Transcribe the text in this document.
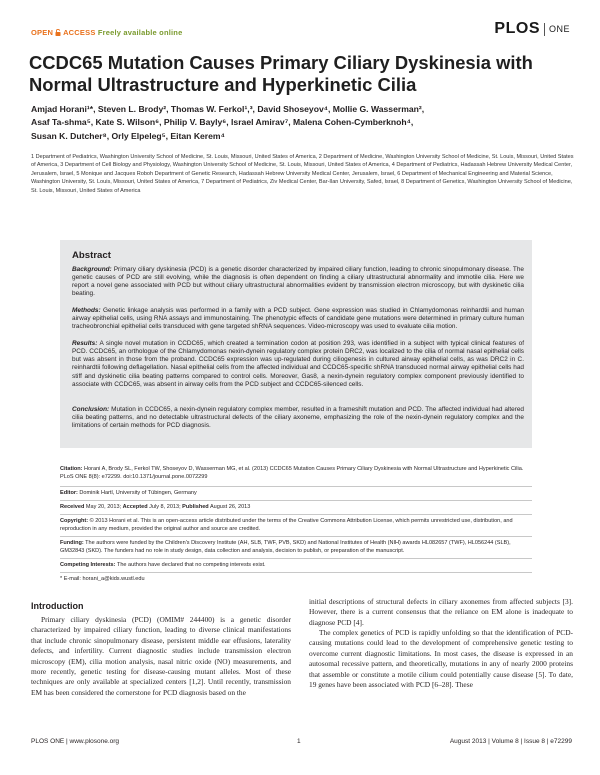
OPEN ACCESS Freely available online	PLOS ONE
CCDC65 Mutation Causes Primary Ciliary Dyskinesia with Normal Ultrastructure and Hyperkinetic Cilia
Amjad Horani¹*, Steven L. Brody², Thomas W. Ferkol¹,³, David Shoseyov⁴, Mollie G. Wasserman²,
Asaf Ta-shma⁵, Kate S. Wilson⁶, Philip V. Bayly⁶, Israel Amirav⁷, Malena Cohen-Cymberknoh⁴,
Susan K. Dutcher⁸, Orly Elpeleg⁵, Eitan Kerem⁴
1 Department of Pediatrics, Washington University School of Medicine, St. Louis, Missouri, United States of America, 2 Department of Medicine, Washington University School of Medicine, St. Louis, Missouri, United States of America, 3 Department of Cell Biology and Physiology, Washington University School of Medicine, St. Louis, Missouri, United States of America, 4 Department of Pediatrics, Hadassah Hebrew University Medical Center, Jerusalem, Israel, 5 Monique and Jacques Roboh Department of Genetic Research, Hadassah Hebrew University Medical Center, Jerusalem, Israel, 6 Department of Mechanical Engineering and Material Science, Washington University, St. Louis, Missouri, United States of America, 7 Department of Pediatrics, Ziv Medical Center, Bar-Ilan University, Safed, Israel, 8 Department of Genetics, Washington University School of Medicine, St. Louis, Missouri, United States of America
Abstract

Background: Primary ciliary dyskinesia (PCD) is a genetic disorder characterized by impaired ciliary function, leading to chronic sinopulmonary disease. The genetic causes of PCD are still evolving, while the diagnosis is often dependent on finding a ciliary ultrastructural abnormality and immotile cilia. Here we report a novel gene associated with PCD but without ciliary ultrastructural abnormalities evident by transmission electron microscopy, but with dyskinetic cilia beating.

Methods: Genetic linkage analysis was performed in a family with a PCD subject. Gene expression was studied in Chlamydomonas reinhardtii and human airway epithelial cells, using RNA assays and immunostaining. The phenotypic effects of candidate gene mutations were determined in primary culture human tracheobronchial epithelial cells transduced with gene targeted shRNA sequences. Video-microscopy was used to evaluate cilia motion.

Results: A single novel mutation in CCDC65, which created a termination codon at position 293, was identified in a subject with typical clinical features of PCD. CCDC65, an orthologue of the Chlamydomonas nexin-dynein regulatory complex protein DRC2, was localized to the cilia of normal nasal epithelial cells but was absent in those from the proband. CCDC65 expression was up-regulated during ciliogenesis in cultured airway epithelial cells, as was DRC2 in C. reinhardtii following deflagellation. Nasal epithelial cells from the affected individual and CCDC65-specific shRNA transduced normal airway epithelial cells had stiff and dyskinetic cilia beating patterns compared to control cells. Moreover, Gas8, a nexin-dynein regulatory complex component previously identified to associate with CCDC65, was absent in airway cells from the PCD subject and CCDC65-silenced cells.

Conclusion: Mutation in CCDC65, a nexin-dynein regulatory complex member, resulted in a frameshift mutation and PCD. The affected individual had altered cilia beating patterns, and no detectable ultrastructural defects of the ciliary axoneme, emphasizing the role of the nexin-dynein regulatory complex and the limitations of certain methods for PCD diagnosis.

Citation: Horani A, Brody SL, Ferkol TW, Shoseyov D, Wasserman MG, et al. (2013) CCDC65 Mutation Causes Primary Ciliary Dyskinesia with Normal Ultrastructure and Hyperkinetic Cilia. PLoS ONE 8(8): e72299. doi:10.1371/journal.pone.0072299

Editor: Dominik Hartl, University of Tübingen, Germany

Received May 20, 2013; Accepted July 8, 2013; Published August 26, 2013

Copyright: © 2013 Horani et al. This is an open-access article distributed under the terms of the Creative Commons Attribution License, which permits unrestricted use, distribution, and reproduction in any medium, provided the original author and source are credited.

Funding: The authors were funded by the Children's Discovery Institute (AH, SLB, TWF, PVB, SKD) and National Institutes of Health (NIH) awards HL082657 (TWF), HL056244 (SLB), GM32843 (SKD). The funders had no role in study design, data collection and analysis, decision to publish, or preparation of the manuscript.

Competing Interests: The authors have declared that no competing interests exist.

* E-mail: horani_a@kids.wustl.edu

Introduction

Primary ciliary dyskinesia (PCD) (OMIM# 244400) is a genetic disorder characterized by impaired ciliary function, leading to diverse clinical manifestations that include chronic sinopulmonary disease, persistent middle ear effusions, laterality defects, and infertility. Current diagnostic studies include transmission electron microscopy (EM), cilia motion analysis, nasal nitric oxide (NO) measurements, and more recently, genetic testing for disease-causing mutant alleles. Most of these techniques are only available at specialized centers [1,2]. Until recently, transmission EM has been considered the cornerstone for PCD diagnosis based on the

initial descriptions of structural defects in ciliary axonemes from affected subjects [3]. However, there is a current consensus that the reliance on EM alone is inadequate to diagnose PCD [4].

The complex genetics of PCD is rapidly unfolding so that the identification of PCD-causing mutations could lead to the development of comprehensive genetic testing to overcome current diagnostic limitations. In most cases, the disease is expressed in an autosomal recessive pattern, and theoretically, mutations in any of nearly 2000 proteins that assemble or constitute a motile cilium could potentially cause disease [5]. To date, 19 genes have been associated with PCD [6–28]. These

PLOS ONE | www.plosone.org	1	August 2013 | Volume 8 | Issue 8 | e72299
